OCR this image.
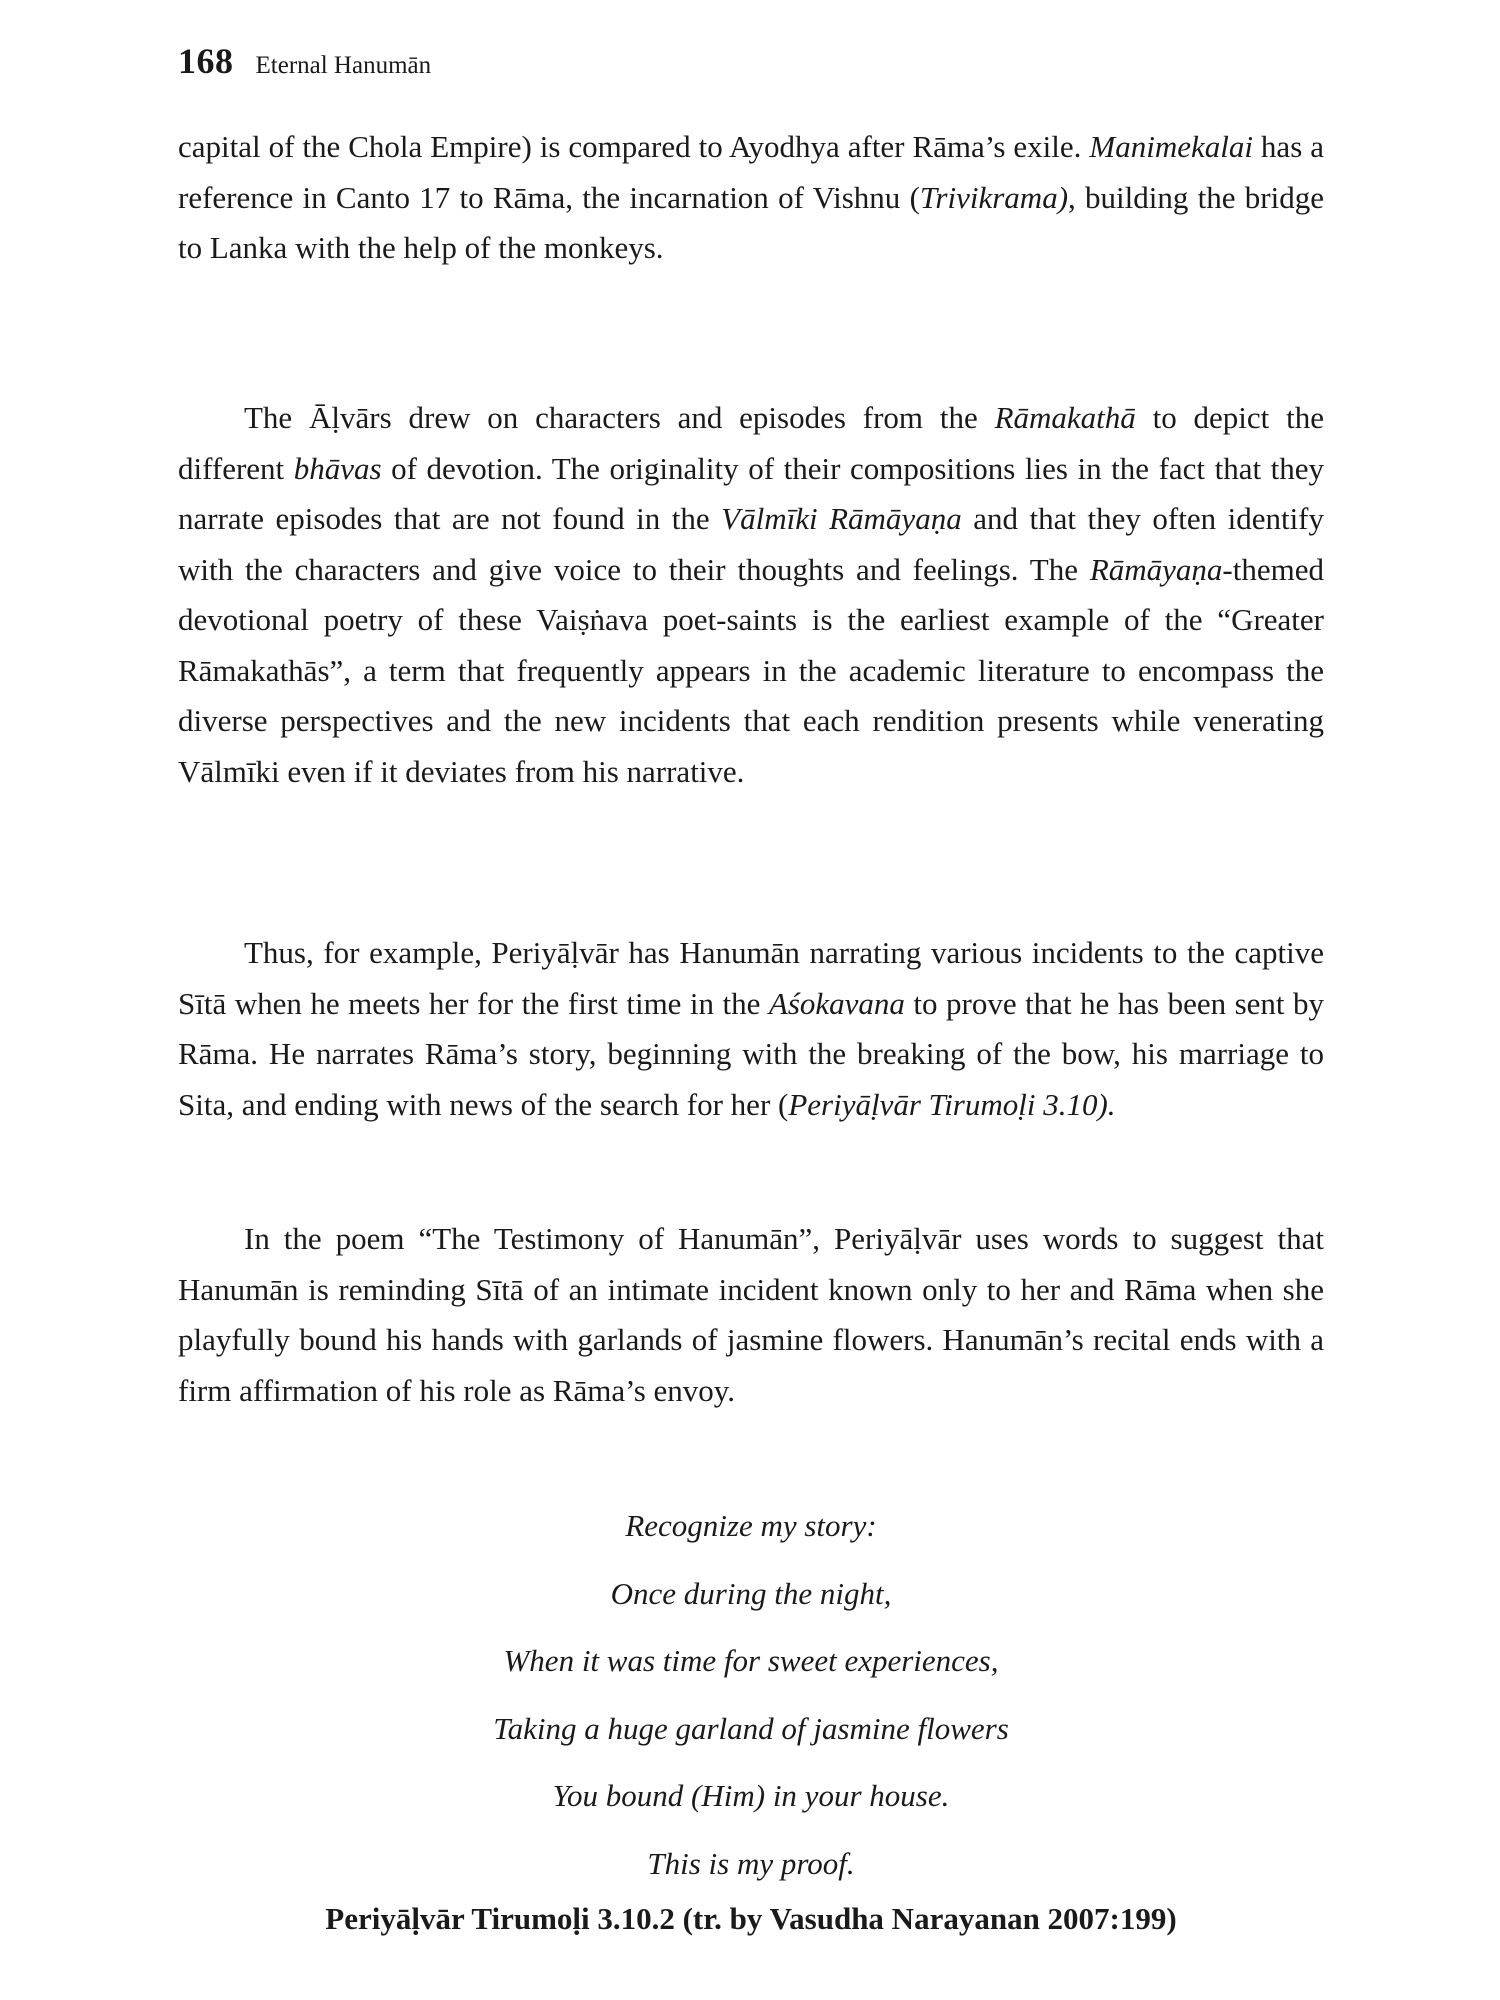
168 Eternal Hanumān

capital of the Chola Empire) is compared to Ayodhya after Rāma’s exile. Manimekalai has a reference in Canto 17 to Rāma, the incarnation of Vishnu (Trivikrama), building the bridge to Lanka with the help of the monkeys.

The Āḷvārs drew on characters and episodes from the Rāmakathā to depict the different bhāvas of devotion. The originality of their compositions lies in the fact that they narrate episodes that are not found in the Vālmīki Rāmāyaṇa and that they often identify with the characters and give voice to their thoughts and feelings. The Rāmāyaṇa-themed devotional poetry of these Vaiṣṅava poet-saints is the earliest example of the “Greater Rāmakathās”, a term that frequently appears in the academic literature to encompass the diverse perspectives and the new incidents that each rendition presents while venerating Vālmīki even if it deviates from his narrative.

Thus, for example, Periyāḷvār has Hanumān narrating various incidents to the captive Sītā when he meets her for the first time in the Aśokavana to prove that he has been sent by Rāma. He narrates Rāma’s story, beginning with the breaking of the bow, his marriage to Sita, and ending with news of the search for her (Periyāḷvār Tirumoḷi 3.10).

In the poem “The Testimony of Hanumān”, Periyāḷvār uses words to suggest that Hanumān is reminding Sītā of an intimate incident known only to her and Rāma when she playfully bound his hands with garlands of jasmine flowers. Hanumān’s recital ends with a firm affirmation of his role as Rāma’s envoy.

Recognize my story:
Once during the night,
When it was time for sweet experiences,
Taking a huge garland of jasmine flowers
You bound (Him) in your house.
This is my proof.
Periyāḷvār Tirumoḷi 3.10.2 (tr. by Vasudha Narayanan 2007:199)
